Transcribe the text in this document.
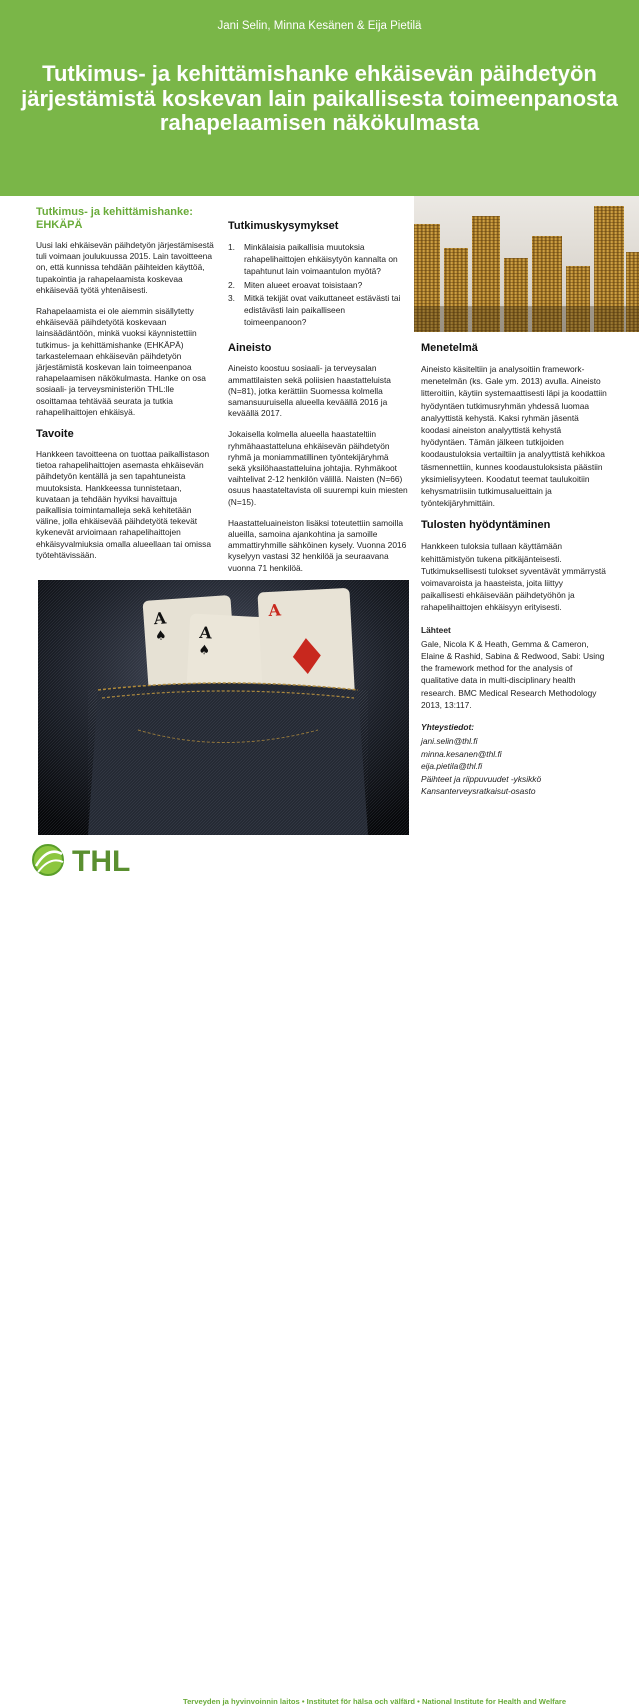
Jani Selin, Minna Kesänen & Eija Pietilä
Tutkimus- ja kehittämishanke ehkäisevän päihdetyön järjestämistä koskevan lain paikallisesta toimeenpanosta rahapelaamisen näkökulmasta
Tutkimus- ja kehittämishanke: EHKÄPÄ

Uusi laki ehkäisevän päihdetyön järjestämisestä tuli voimaan joulukuussa 2015. Lain tavoitteena on, että kunnissa tehdään päihteiden käyttöä, tupakointia ja rahapelaamista koskevaa ehkäisevää työtä yhtenäisesti.

Rahapelaamista ei ole aiemmin sisällytetty ehkäisevää päihdetyötä koskevaan lainsäädäntöön, minkä vuoksi käynnistettiin tutkimus- ja kehittämishanke (EHKÄPÄ) tarkastelemaan ehkäisevän päihdetyön järjestämistä koskevan lain toimeenpanoa rahapelaamisen näkökulmasta. Hanke on osa sosiaali- ja terveysministeriön THL:lle osoittamaa tehtävää seurata ja tutkia rahapelihaittojen ehkäisyä.

Tavoite

Hankkeen tavoitteena on tuottaa paikallistason tietoa rahapelihaittojen asemasta ehkäisevän päihdetyön kentällä ja sen tapahtuneista muutoksista. Hankkeessa tunnistetaan, kuvataan ja tehdään hyviksi havaittuja paikallisia toimintamalleja sekä kehitetään väline, jolla ehkäisevää päihdetyötä tekevät kykenevät arvioimaan rahapelihaittojen ehkäisyvalmiuksia omalla alueellaan tai omissa työtehtävissään.

Tutkimuskysymykset
1. Minkälaisia paikallisia muutoksia rahapelihaittojen ehkäisytyön kannalta on tapahtunut lain voimaantulon myötä?
2. Miten alueet eroavat toisistaan?
3. Mitkä tekijät ovat vaikuttaneet estävästi tai edistävästi lain paikalliseen toimeenpanoon?
Aineisto

Aineisto koostuu sosiaali- ja terveysalan ammattilaisten sekä poliisien haastatteluista (N=81), jotka kerättiin Suomessa kolmella samansuuruisella alueella keväällä 2016 ja keväällä 2017.

Jokaisella kolmella alueella haastateltiin ryhmähaastatteluna ehkäisevän päihdetyön ryhmä ja moniammatillinen työntekijäryhmä sekä yksilöhaastatteluina johtajia. Ryhmäkoot vaihtelivat 2-12 henkilön välillä. Naisten (N=66) osuus haastateltavista oli suurempi kuin miesten (N=15).

Haastatteluaineiston lisäksi toteutettiin samoilla alueilla, samoina ajankohtina ja samoille ammattiryhmille sähköinen kysely. Vuonna 2016 kyselyyn vastasi 32 henkilöä ja seuraavana vuonna 71 henkilöä.

Menetelmä

Aineisto käsiteltiin ja analysoitiin framework-menetelmän (ks. Gale ym. 2013) avulla. Aineisto litteroitiin, käytiin systemaattisesti läpi ja koodattiin hyödyntäen tutkimusryhmän yhdessä luomaa analyyttistä kehystä. Kaksi ryhmän jäsentä koodasi aineiston analyyttistä kehystä hyödyntäen. Tämän jälkeen tutkijoiden koodaustuloksia vertailtiin ja analyyttistä kehikkoa täsmennettiin, kunnes koodaustuloksista päästiin yksimielisyyteen. Koodatut teemat taulukoitiin kehysmatriisiin tutkimusalueittain ja työntekijäryhmittäin.

Tulosten hyödyntäminen

Hankkeen tuloksia tullaan käyttämään kehittämistyön tukena pitkäjänteisesti. Tutkimuksellisesti tulokset syventävät ymmärrystä voimavaroista ja haasteista, joita liittyy paikallisesti ehkäisevään päihdetyöhön ja rahapelihaittojen ehkäisyyn erityisesti.

Lähteet

Gale, Nicola K & Heath, Gemma & Cameron, Elaine & Rashid, Sabina & Redwood, Sabi: Using the framework method for the analysis of qualitative data in multi-disciplinary health research. BMC Medical Research Methodology 2013, 13:117.

Yhteystiedot:
jani.selin@thl.fi
minna.kesanen@thl.fi
eija.pietila@thl.fi
Päihteet ja riippuvuudet -yksikkö
Kansanterveysratkaisut-osasto
A
♠ A
♠
A
THL
Terveyden ja hyvinvoinnin laitos • Institutet för hälsa och välfärd • National Institute for Health and Welfare
